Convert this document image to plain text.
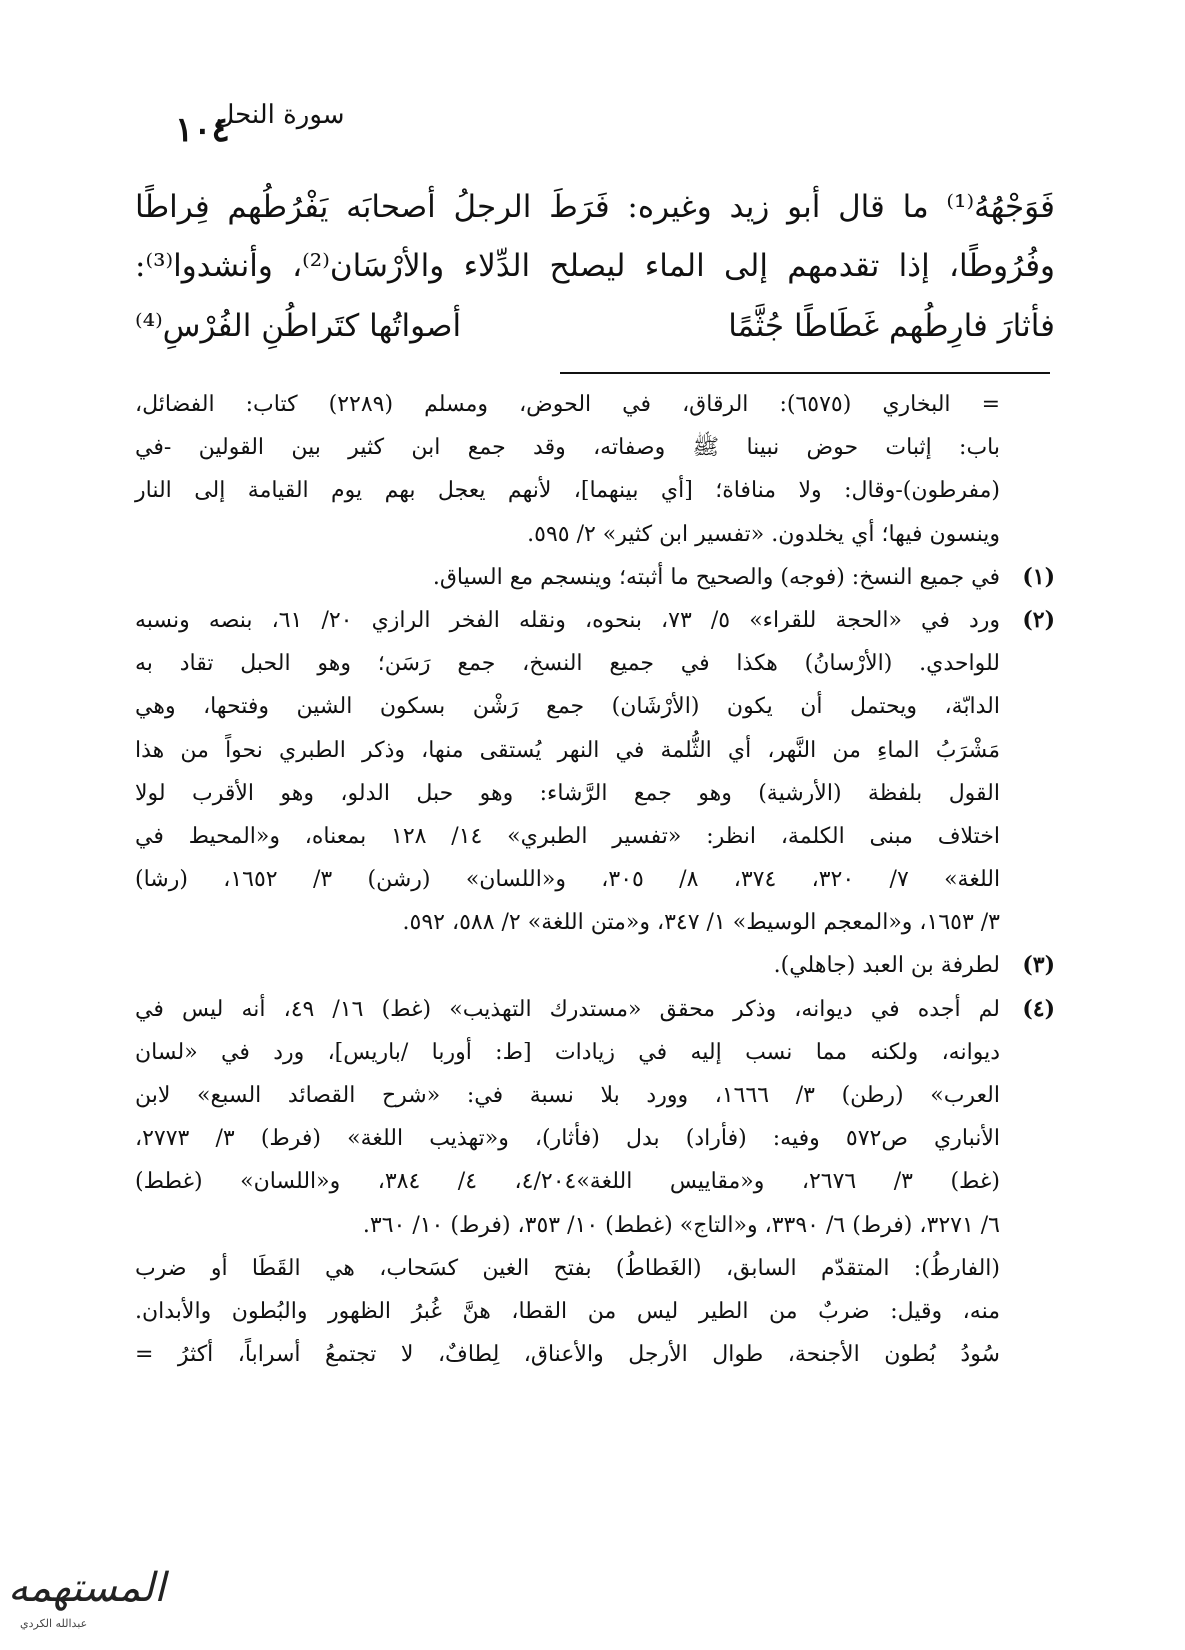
سورة النحل
١٠٤
فَوَجْهُهُ⁽¹⁾ ما قال أبو زيد وغيره: فَرَطَ الرجلُ أصحابَه يَفْرُطُهم فِراطًا
وفُرُوطًا، إذا تقدمهم إلى الماء ليصلح الدِّلاء والأرْسَان⁽²⁾، وأنشدوا⁽³⁾:
فأثارَ فارِطُهم غَطَاطًا جُثَّمًا
أصواتُها كتَراطُنِ الفُرْسِ⁽⁴⁾
= البخاري (٦٥٧٥): الرقاق، في الحوض، ومسلم (٢٢٨٩) كتاب: الفضائل،
باب: إثبات حوض نبينا ﷺ وصفاته، وقد جمع ابن كثير بين القولين -في
(مفرطون)-وقال: ولا منافاة؛ [أي بينهما]، لأنهم يعجل بهم يوم القيامة إلى النار
وينسون فيها؛ أي يخلدون. «تفسير ابن كثير» ٢/ ٥٩٥.
(١)
في جميع النسخ: (فوجه) والصحيح ما أثبته؛ وينسجم مع السياق.
(٢)
ورد في «الحجة للقراء» ٥/ ٧٣، بنحوه، ونقله الفخر الرازي ٢٠/ ٦١، بنصه ونسبه
للواحدي. (الأرْسانُ) هكذا في جميع النسخ، جمع رَسَن؛ وهو الحبل تقاد به
الدابّة، ويحتمل أن يكون (الأرْشَان) جمع رَشْن بسكون الشين وفتحها، وهي
مَشْرَبُ الماءِ من النَّهر، أي الثُّلمة في النهر يُستقى منها، وذكر الطبري نحواً من هذا
القول بلفظة (الأرشية) وهو جمع الرَّشاء: وهو حبل الدلو، وهو الأقرب لولا
اختلاف مبنى الكلمة، انظر: «تفسير الطبري» ١٤/ ١٢٨ بمعناه، و«المحيط في
اللغة» ٧/ ٣٢٠، ٣٧٤، ٨/ ٣٠٥، و«اللسان» (رشن) ٣/ ١٦٥٢، (رشا)
٣/ ١٦٥٣، و«المعجم الوسيط» ١/ ٣٤٧، و«متن اللغة» ٢/ ٥٨٨، ٥٩٢.
(٣)
لطرفة بن العبد (جاهلي).
(٤)
لم أجده في ديوانه، وذكر محقق «مستدرك التهذيب» (غط) ١٦/ ٤٩، أنه ليس في
ديوانه، ولكنه مما نسب إليه في زيادات [ط: أوربا /باريس]، ورد في «لسان
العرب» (رطن) ٣/ ١٦٦٦، وورد بلا نسبة في: «شرح القصائد السبع» لابن
الأنباري ص٥٧٢ وفيه: (فأراد) بدل (فأثار)، و«تهذيب اللغة» (فرط) ٣/ ٢٧٧٣،
(غط) ٣/ ٢٦٧٦، و«مقاييس اللغة»٤/٢٠٤، ٤/ ٣٨٤، و«اللسان» (غطط)
٦/ ٣٢٧١، (فرط) ٦/ ٣٣٩٠، و«التاج» (غطط) ١٠/ ٣٥٣، (فرط) ١٠/ ٣٦٠.
(الفارطُ): المتقدّم السابق، (الغَطاطُ) بفتح الغين كسَحاب، هي القَطَا أو ضرب
منه، وقيل: ضربٌ من الطير ليس من القطا، هنَّ غُبرُ الظهور والبُطون والأبدان.
سُودُ بُطون الأجنحة، طوال الأرجل والأعناق، لِطافٌ، لا تجتمعُ أسراباً، أكثرُ =
المستهمه
عبدالله الكردي
